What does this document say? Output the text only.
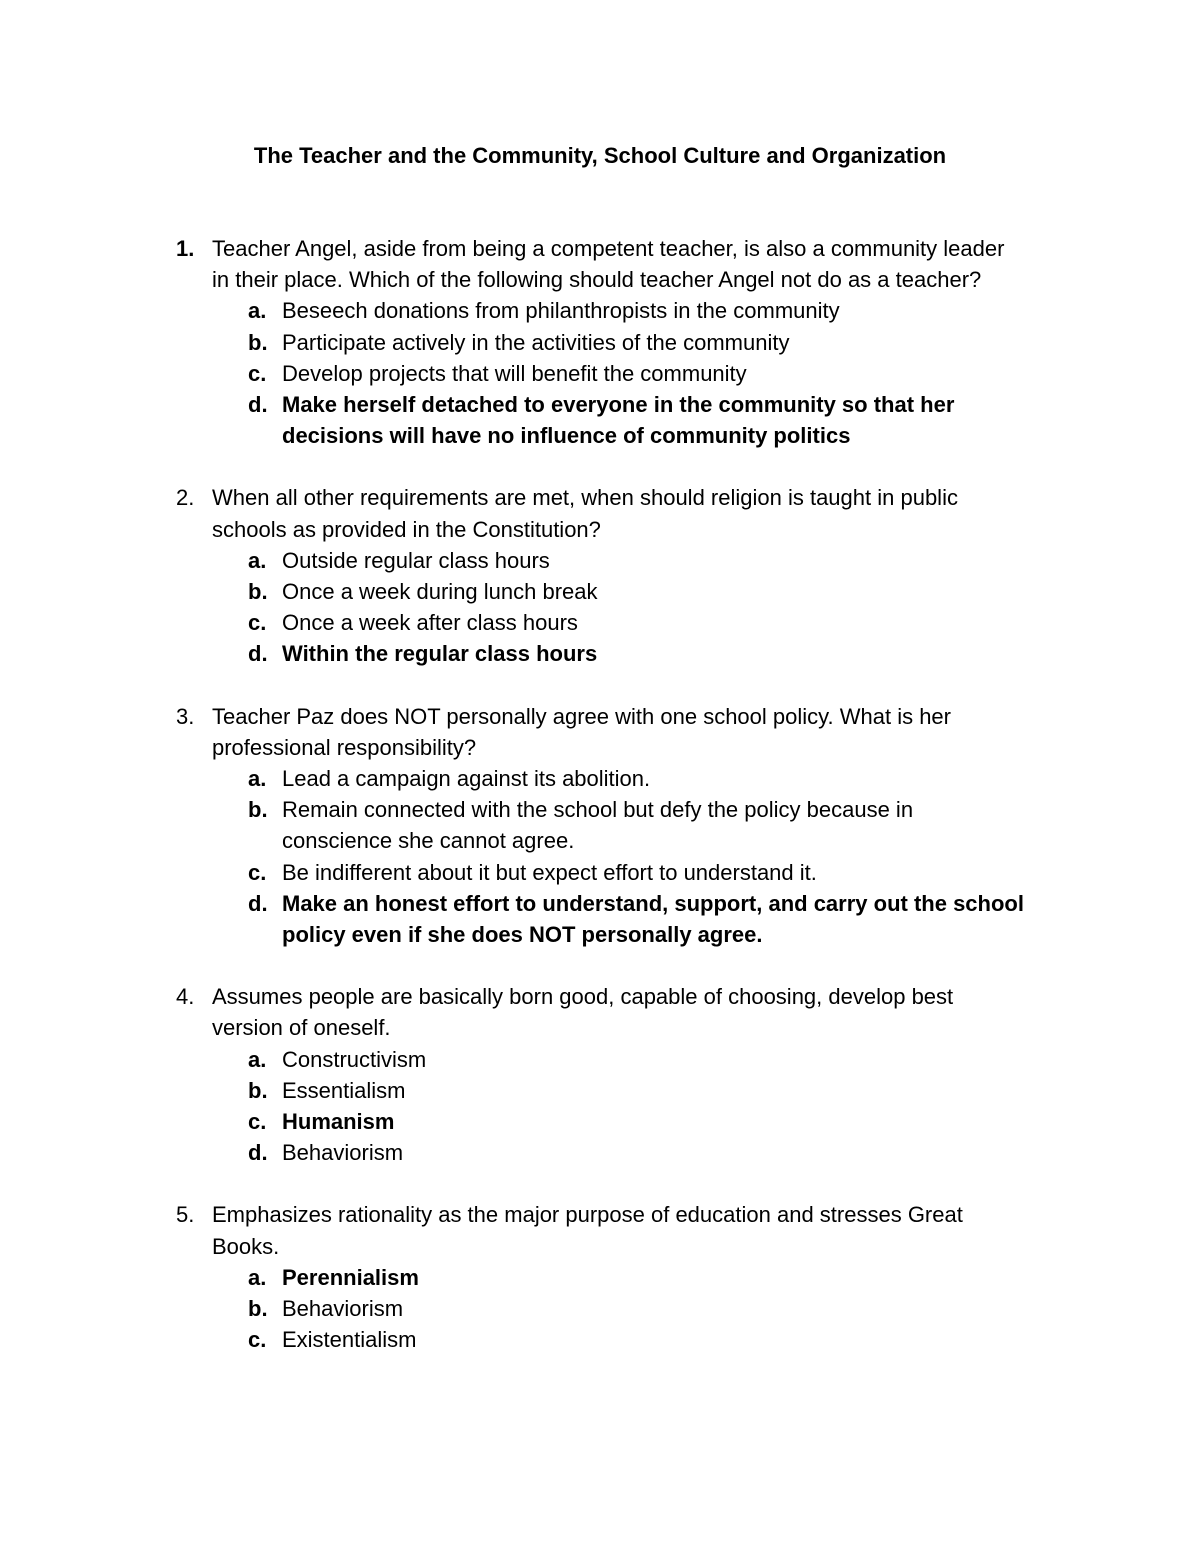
The Teacher and the Community, School Culture and Organization
1. Teacher Angel, aside from being a competent teacher, is also a community leader in their place. Which of the following should teacher Angel not do as a teacher?
a. Beseech donations from philanthropists in the community
b. Participate actively in the activities of the community
c. Develop projects that will benefit the community
d. Make herself detached to everyone in the community so that her decisions will have no influence of community politics
2. When all other requirements are met, when should religion is taught in public schools as provided in the Constitution?
a. Outside regular class hours
b. Once a week during lunch break
c. Once a week after class hours
d. Within the regular class hours
3. Teacher Paz does NOT personally agree with one school policy. What is her professional responsibility?
a. Lead a campaign against its abolition.
b. Remain connected with the school but defy the policy because in conscience she cannot agree.
c. Be indifferent about it but expect effort to understand it.
d. Make an honest effort to understand, support, and carry out the school policy even if she does NOT personally agree.
4. Assumes people are basically born good, capable of choosing, develop best version of oneself.
a. Constructivism
b. Essentialism
c. Humanism
d. Behaviorism
5. Emphasizes rationality as the major purpose of education and stresses Great Books.
a. Perennialism
b. Behaviorism
c. Existentialism
